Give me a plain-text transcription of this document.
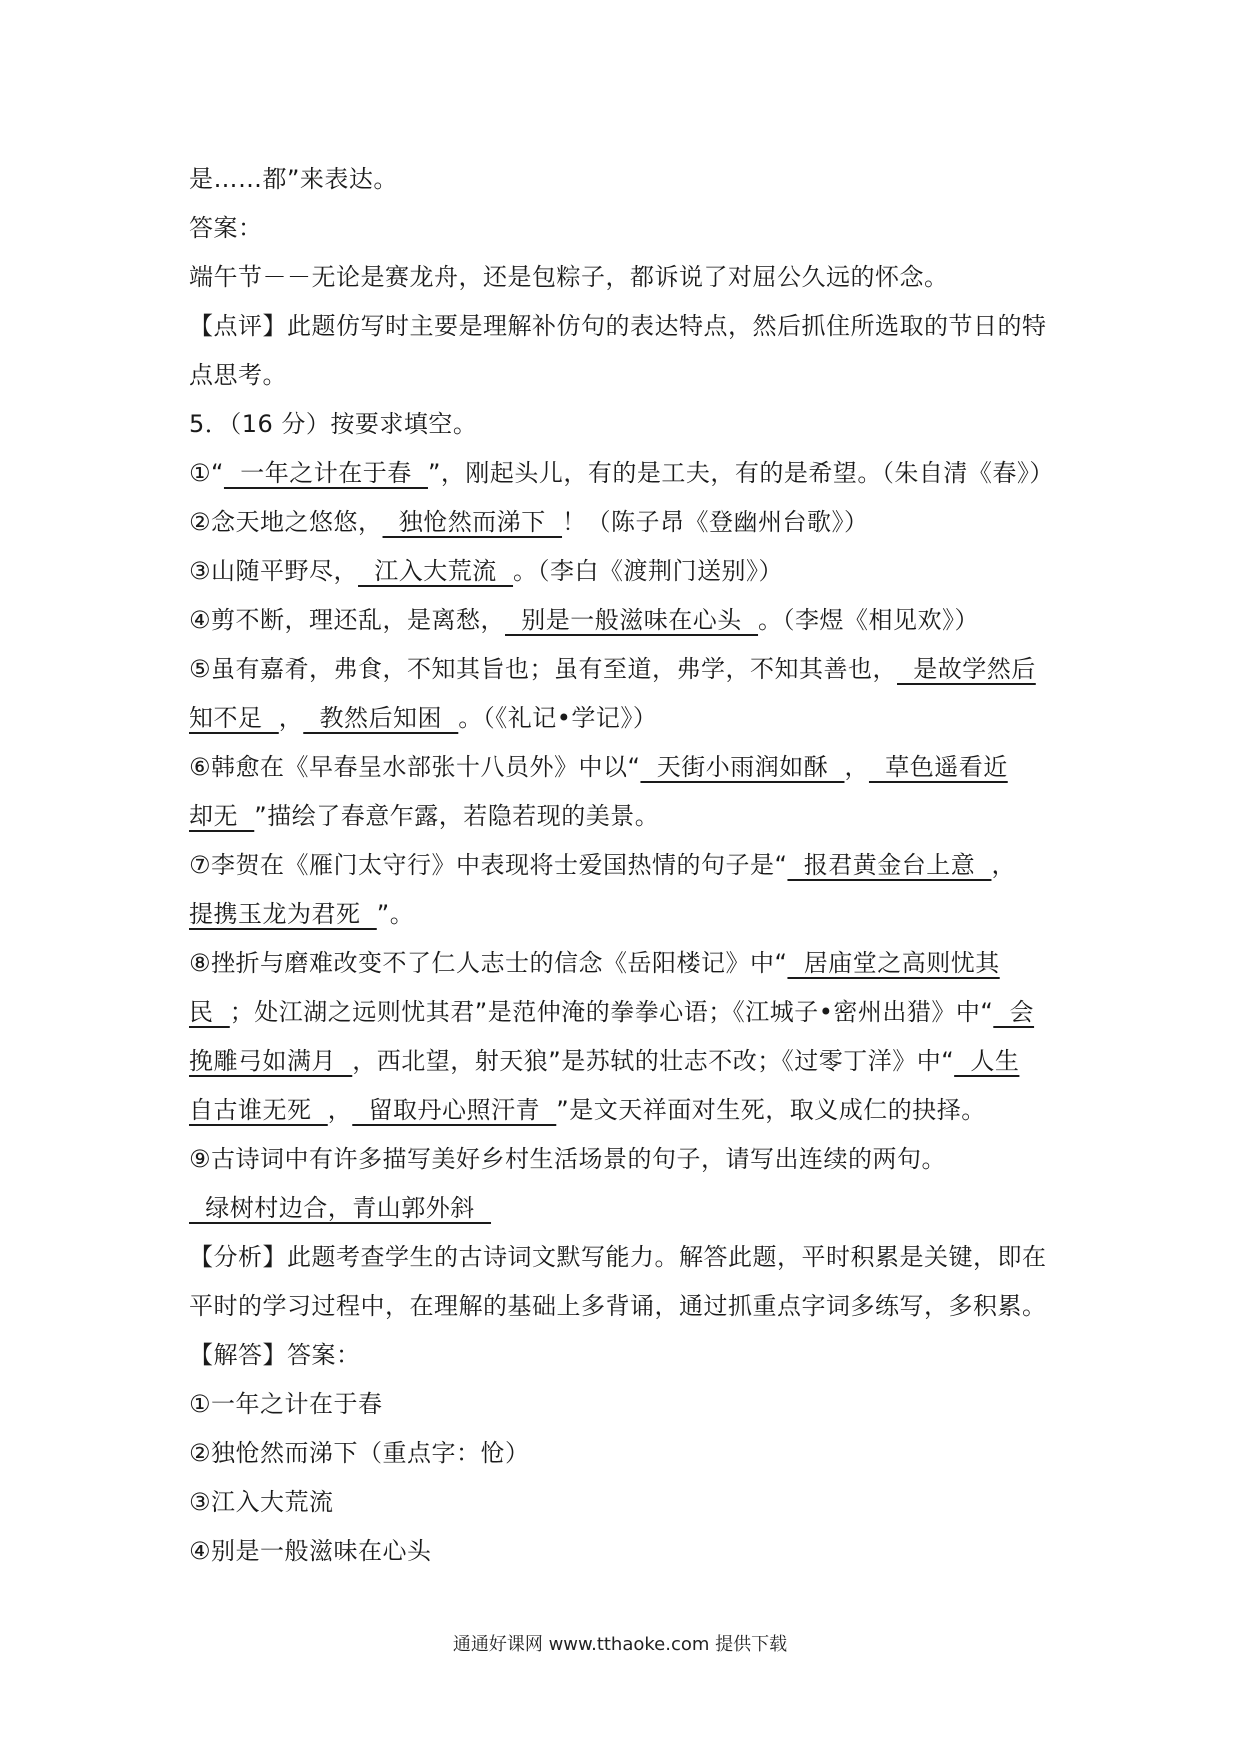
是……都”来表达。
答案：
端午节－－无论是赛龙舟，还是包粽子，都诉说了对屈公久远的怀念。
【点评】此题仿写时主要是理解补仿句的表达特点，然后抓住所选取的节日的特
点思考。
5．（16 分）按要求填空。
①“  一年之计在于春  ”，刚起头儿，有的是工夫，有的是希望。（朱自清《春》）
②念天地之悠悠，  独怆然而涕下  ！（陈子昂《登幽州台歌》）
③山随平野尽，  江入大荒流  。（李白《渡荆门送别》）
④剪不断，理还乱，是离愁，  别是一般滋味在心头  。（李煜《相见欢》）
⑤虽有嘉肴，弗食，不知其旨也；虽有至道，弗学，不知其善也，  是故学然后
知不足  ，  教然后知困  。（《礼记•学记》）
⑥韩愈在《早春呈水部张十八员外》中以“  天街小雨润如酥  ，  草色遥看近
却无  ”描绘了春意乍露，若隐若现的美景。
⑦李贺在《雁门太守行》中表现将士爱国热情的句子是“  报君黄金台上意  ，
提携玉龙为君死  ”。
⑧挫折与磨难改变不了仁人志士的信念《岳阳楼记》中“  居庙堂之高则忧其
民  ；处江湖之远则忧其君”是范仲淹的拳拳心语；《江城子•密州出猎》中“  会
挽雕弓如满月  ，西北望，射天狼”是苏轼的壮志不改；《过零丁洋》中“  人生
自古谁无死  ，  留取丹心照汗青  ”是文天祥面对生死，取义成仁的抉择。
⑨古诗词中有许多描写美好乡村生活场景的句子，请写出连续的两句。
绿树村边合，青山郭外斜
【分析】此题考查学生的古诗词文默写能力。解答此题，平时积累是关键，即在
平时的学习过程中，在理解的基础上多背诵，通过抓重点字词多练写，多积累。
【解答】答案：
①一年之计在于春
②独怆然而涕下（重点字：怆）
③江入大荒流
④别是一般滋味在心头
通通好课网 www.tthaoke.com 提供下载
